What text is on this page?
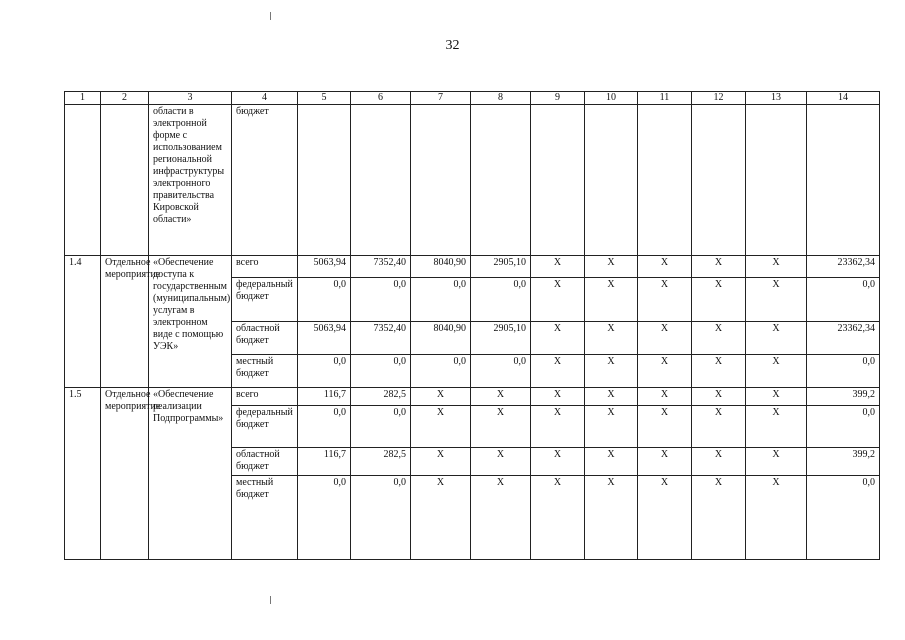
32
1	2	3	4	5	6	7	8	9	10	11	12	13	14
		области в электронной форме с использованием региональной инфраструктуры электронного правительства Кировской области»	бюджет										
1.4	Отдельное мероприятие	«Обеспечение доступа к государственным (муниципальным) услугам в электронном виде с помощью УЭК»	всего	5063,94	7352,40	8040,90	2905,10	X	X	X	X	X	23362,34
			федеральный бюджет	0,0	0,0	0,0	0,0	X	X	X	X	X	0,0
			областной бюджет	5063,94	7352,40	8040,90	2905,10	X	X	X	X	X	23362,34
			местный бюджет	0,0	0,0	0,0	0,0	X	X	X	X	X	0,0
1.5	Отдельное мероприятие	«Обеспечение реализации Подпрограммы»	всего	116,7	282,5	X	X	X	X	X	X	X	399,2
			федеральный бюджет	0,0	0,0	X	X	X	X	X	X	X	0,0
			областной бюджет	116,7	282,5	X	X	X	X	X	X	X	399,2
			местный бюджет	0,0	0,0	X	X	X	X	X	X	X	0,0
